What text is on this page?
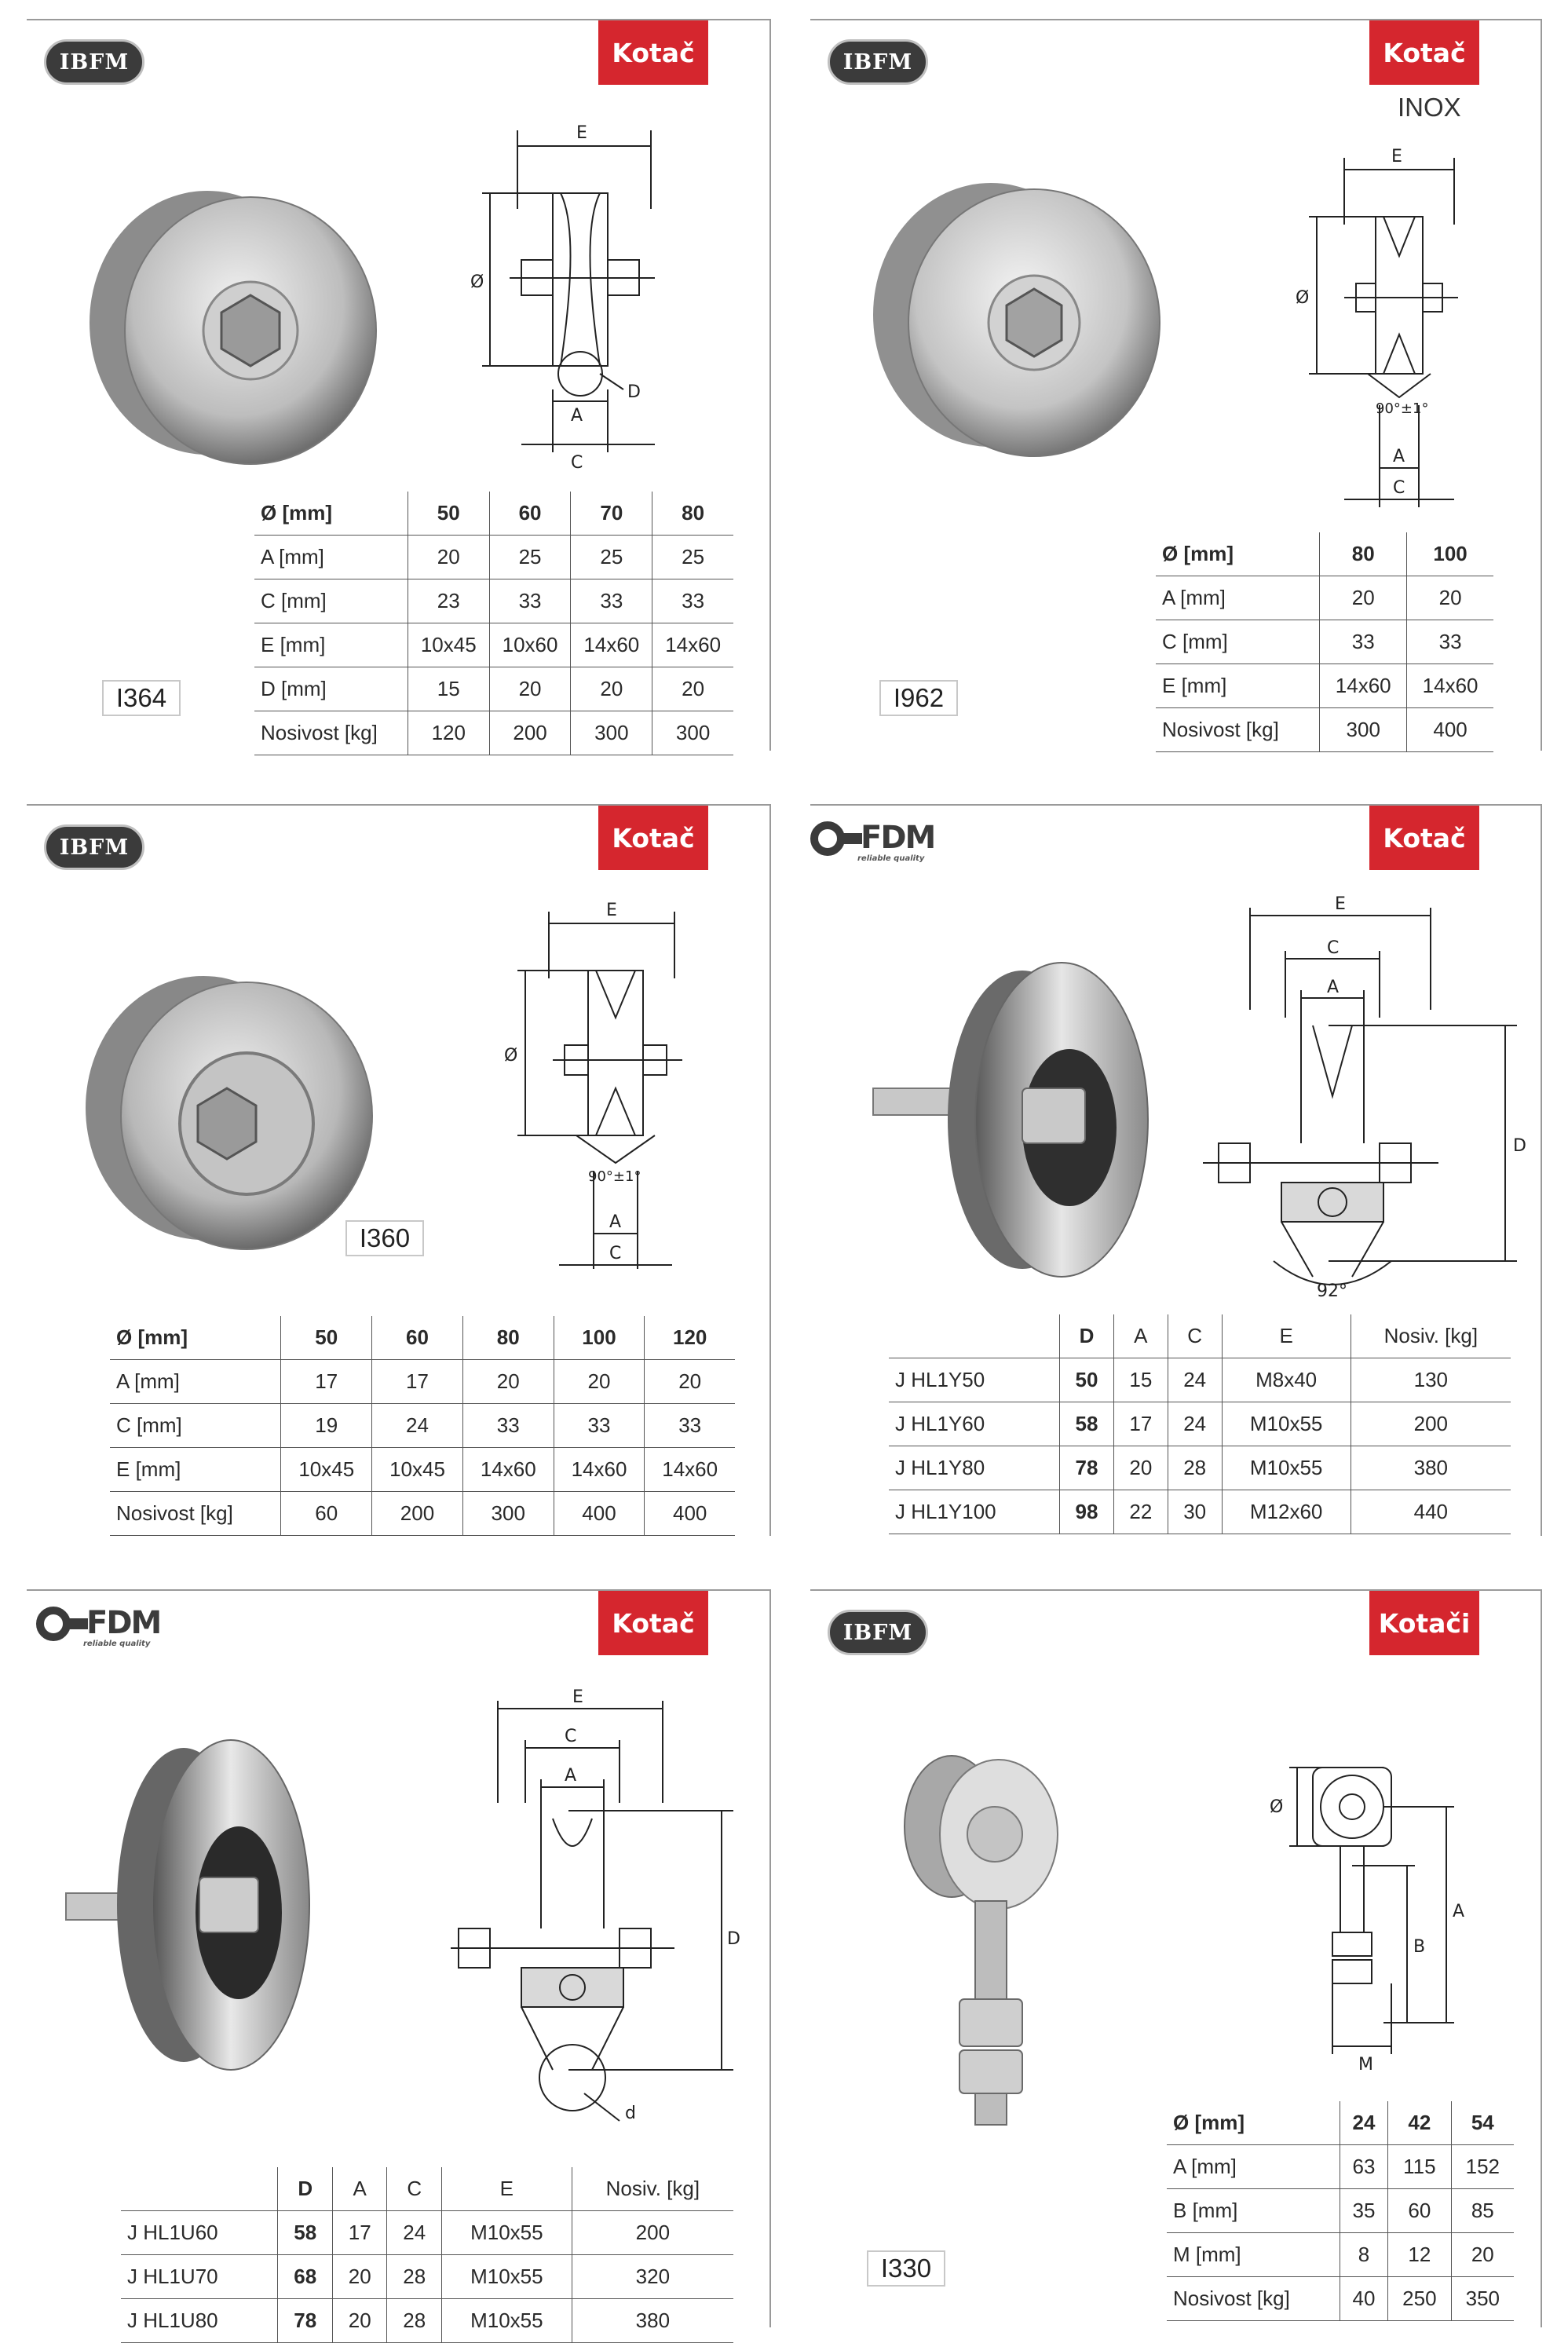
IBFM	Kotač
E
Ø
A
D
C
I364
Ø [mm]	50	60	70	80
A [mm]	20	25	25	25
C [mm]	23	33	33	33
E [mm]	10x45	10x60	14x60	14x60
D [mm]	15	20	20	20
Nosivost [kg]	120	200	300	300
IBFM	Kotač
INOX
E
Ø
90°±1°
A
C
I962
Ø [mm]	80	100
A [mm]	20	20
C [mm]	33	33
E [mm]	14x60	14x60
Nosivost [kg]	300	400
IBFM	Kotač
E
Ø
90°±1°
A
C
I360
Ø [mm]	50	60	80	100	120
A [mm]	17	17	20	20	20
C [mm]	19	24	33	33	33
E [mm]	10x45	10x45	14x60	14x60	14x60
Nosivost [kg]	60	200	300	400	400
FDM
reliable quality
Kotač
E
C
A
D
92°
	D	A	C	E	Nosiv. [kg]
J HL1Y50	50	15	24	M8x40	130
J HL1Y60	58	17	24	M10x55	200
J HL1Y80	78	20	28	M10x55	380
J HL1Y100	98	22	30	M12x60	440
FDM
reliable quality
Kotač
E
C
A
D
d
	D	A	C	E	Nosiv. [kg]
J HL1U60	58	17	24	M10x55	200
J HL1U70	68	20	28	M10x55	320
J HL1U80	78	20	28	M10x55	380
IBFM	Kotači
Ø
A
B
M
I330
Ø [mm]	24	42	54
A [mm]	63	115	152
B [mm]	35	60	85
M [mm]	8	12	20
Nosivost [kg]	40	250	350
